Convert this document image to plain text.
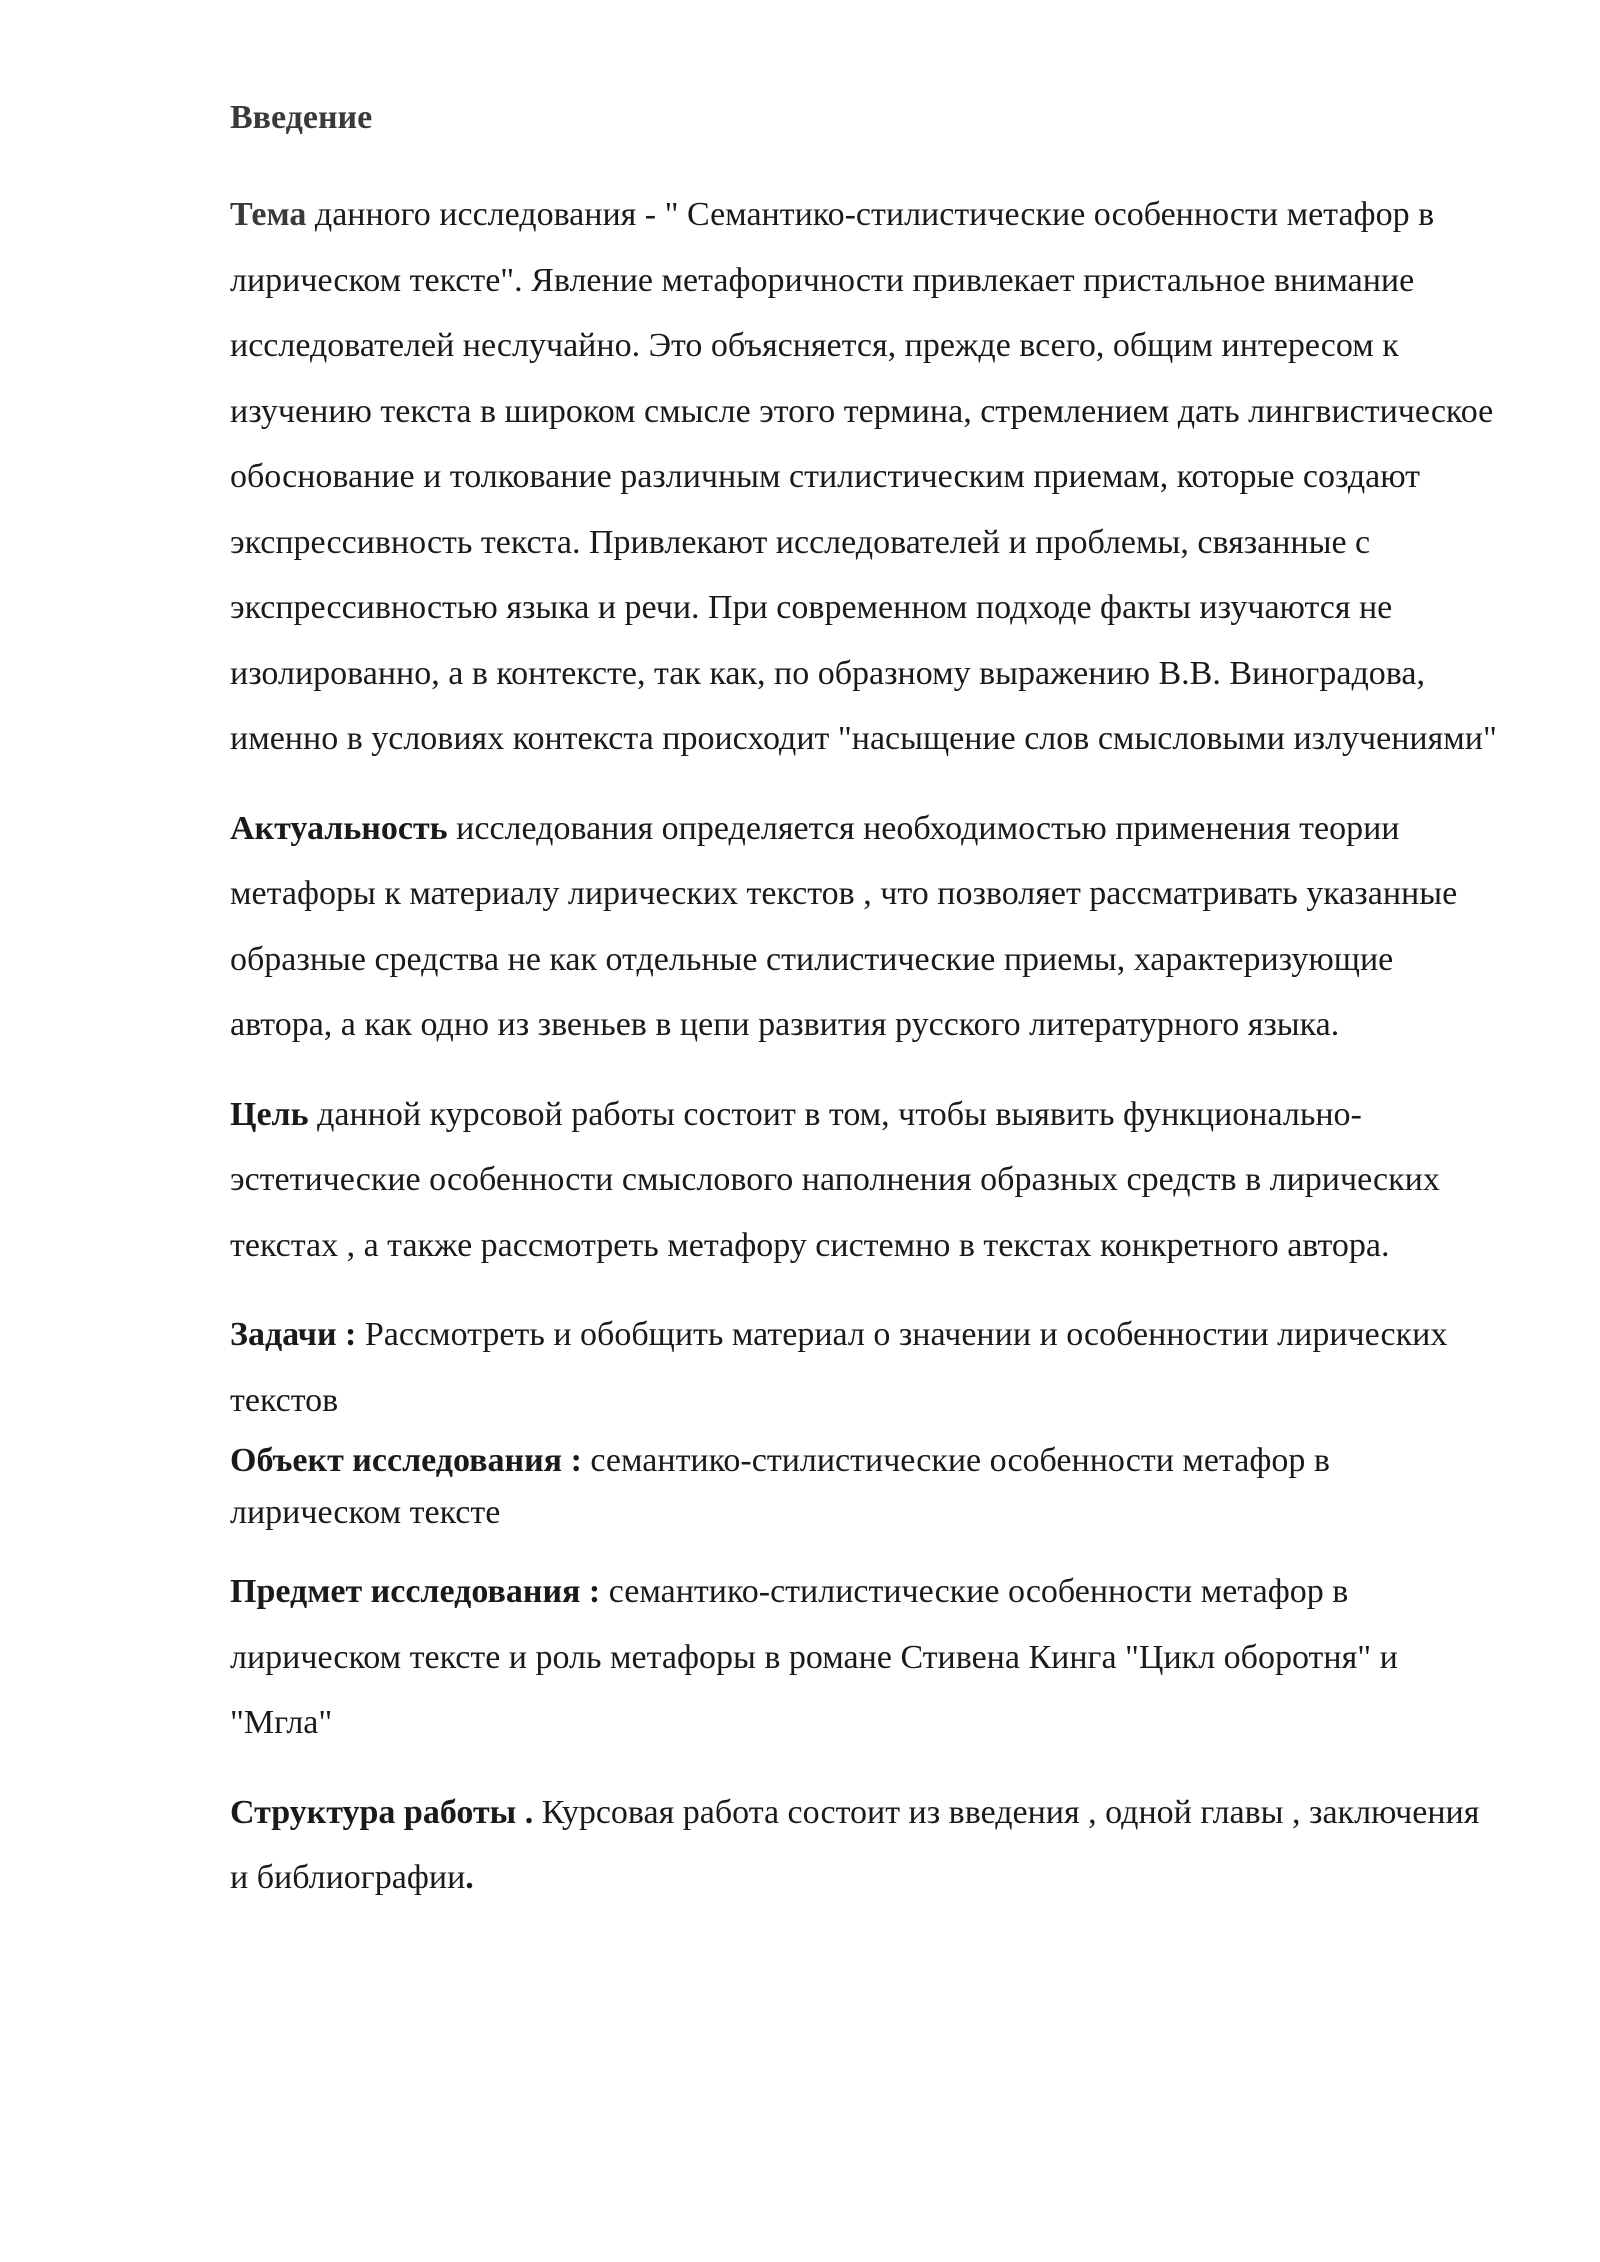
Введение

Тема данного исследования - " Семантико-стилистические особенности метафор в лирическом тексте". Явление метафоричности привлекает пристальное внимание исследователей неслучайно. Это объясняется, прежде всего, общим интересом к изучению текста в широком смысле этого термина, стремлением дать лингвистическое обоснование и толкование различным стилистическим приемам, которые создают экспрессивность текста. Привлекают исследователей и проблемы, связанные с экспрессивностью языка и речи. При современном подходе факты изучаются не изолированно, а в контексте, так как, по образному выражению В.В. Виноградова, именно в условиях контекста происходит "насыщение слов смысловыми излучениями"

Актуальность исследования определяется необходимостью применения теории метафоры к материалу лирических текстов , что позволяет рассматривать указанные образные средства не как отдельные стилистические приемы, характеризующие автора, а как одно из звеньев в цепи развития русского литературного языка.

Цель данной курсовой работы состоит в том, чтобы выявить функционально-эстетические особенности смыслового наполнения образных средств в лирических текстах , а также рассмотреть метафору системно в текстах конкретного автора.

Задачи : Рассмотреть и обобщить материал о значении и особенностии лирических текстов

Объект исследования : семантико-стилистические особенности метафор в лирическом тексте

Предмет исследования : семантико-стилистические особенности метафор в лирическом тексте и роль метафоры в романе Стивена Кинга "Цикл оборотня" и "Мгла"

Структура работы . Курсовая работа состоит из введения , одной главы , заключения и библиографии.
